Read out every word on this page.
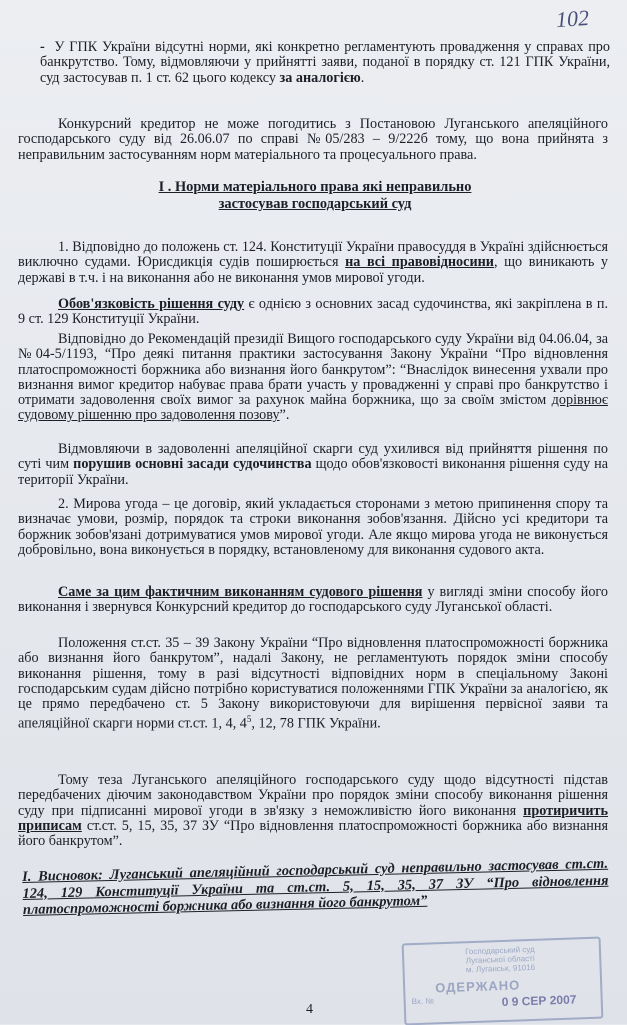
102

- У ГПК України відсутні норми, які конкретно регламентують провадження у справах про банкрутство. Тому, відмовляючи у прийнятті заяви, поданої в порядку ст. 121 ГПК України, суд застосував п. 1 ст. 62 цього кодексу за аналогією.

Конкурсний кредитор не може погодитись з Постановою Луганського апеляційного господарського суду від 26.06.07 по справі №05/283 – 9/222б тому, що вона прийнята з неправильним застосуванням норм матеріального та процесуального права.

І . Норми матеріального права які неправильно
застосував господарський суд

1. Відповідно до положень ст. 124. Конституції України правосуддя в Україні здійснюється виключно судами. Юрисдикція судів поширюється на всі правовідносини, що виникають у державі в т.ч. і на виконання або не виконання умов мирової угоди.

Обов'язковість рішення суду є однією з основних засад судочинства, які закріплена в п. 9 ст. 129 Конституції України.

Відповідно до Рекомендацій президії Вищого господарського суду України від 04.06.04, за №04-5/1193, “Про деякі питання практики застосування Закону України “Про відновлення платоспроможності боржника або визнання його банкрутом”: “Внаслідок винесення ухвали про визнання вимог кредитор набуває права брати участь у провадженні у справі про банкрутство і отримати задоволення своїх вимог за рахунок майна боржника, що за своїм змістом дорівнює судовому рішенню про задоволення позову”.

Відмовляючи в задоволенні апеляційної скарги суд ухилився від прийняття рішення по суті чим порушив основні засади судочинства щодо обов'язковості виконання рішення суду на території України.

2. Мирова угода – це договір, який укладається сторонами з метою припинення спору та визначає умови, розмір, порядок та строки виконання зобов'язання. Дійсно усі кредитори та боржник зобов'язані дотримуватися умов мирової угоди. Але якщо мирова угода не виконується добровільно, вона виконується в порядку, встановленому для виконання судового акта.

Саме за цим фактичним виконанням судового рішення у вигляді зміни способу його виконання і звернувся Конкурсний кредитор до господарського суду Луганської області.

Положення ст.ст. 35 – 39 Закону України “Про відновлення платоспроможності боржника або визнання його банкрутом”, надалі Закону, не регламентують порядок зміни способу виконання рішення, тому в разі відсутності відповідних норм в спеціальному Законі господарським судам дійсно потрібно користуватися положеннями ГПК України за аналогією, як це прямо передбачено ст. 5 Закону використовуючи для вирішення первісної заяви та апеляційної скарги норми ст.ст. 1, 4, $4^5$, 12, 78 ГПК України.

Тому теза Луганського апеляційного господарського суду щодо відсутності підстав передбачених діючим законодавством України про порядок зміни способу виконання рішення суду при підписанні мирової угоди в зв'язку з неможливістю його виконання протиричить приписам ст.ст. 5, 15, 35, 37 ЗУ “Про відновлення платоспроможності боржника або визнання його банкрутом”.

І. Висновок: Луганський апеляційний господарський суд неправильно застосував ст.ст. 124, 129 Конституції України та ст.ст. 5, 15, 35, 37 ЗУ “Про відновлення платоспроможності боржника або визнання його банкрутом”
Господарський суд
Луганської області
м. Луганськ, 91016
ОДЕРЖАНО
Вх. №	0 9 СЕР 2007
4
